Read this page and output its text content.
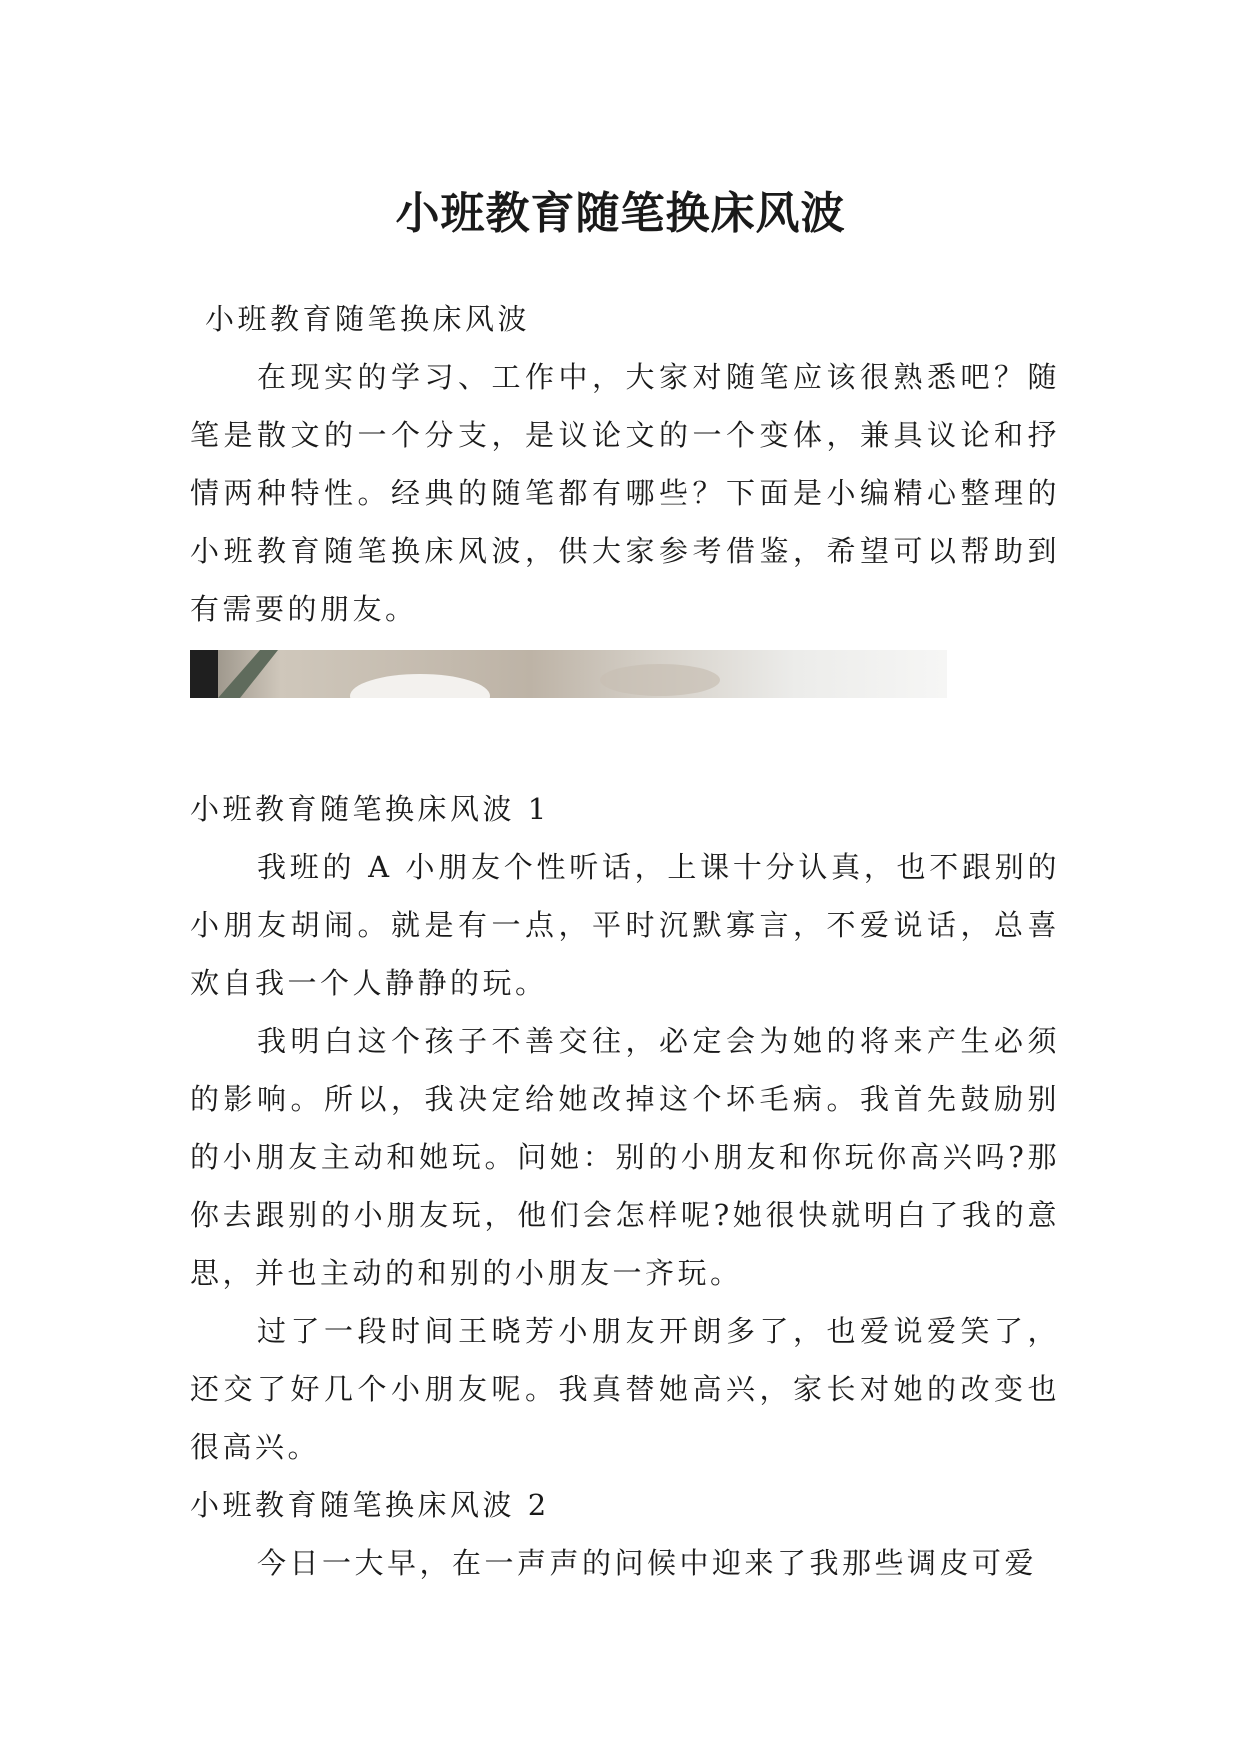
小班教育随笔换床风波

小班教育随笔换床风波

在现实的学习、工作中，大家对随笔应该很熟悉吧？随笔是散文的一个分支，是议论文的一个变体，兼具议论和抒情两种特性。经典的随笔都有哪些？下面是小编精心整理的小班教育随笔换床风波，供大家参考借鉴，希望可以帮助到有需要的朋友。

小班教育随笔换床风波 1

我班的 A 小朋友个性听话，上课十分认真，也不跟别的小朋友胡闹。就是有一点，平时沉默寡言，不爱说话，总喜欢自我一个人静静的玩。

我明白这个孩子不善交往，必定会为她的将来产生必须的影响。所以，我决定给她改掉这个坏毛病。我首先鼓励别的小朋友主动和她玩。问她：别的小朋友和你玩你高兴吗?那你去跟别的小朋友玩，他们会怎样呢?她很快就明白了我的意思，并也主动的和别的小朋友一齐玩。

过了一段时间王晓芳小朋友开朗多了，也爱说爱笑了，还交了好几个小朋友呢。我真替她高兴，家长对她的改变也很高兴。

小班教育随笔换床风波 2

今日一大早，在一声声的问候中迎来了我那些调皮可爱
